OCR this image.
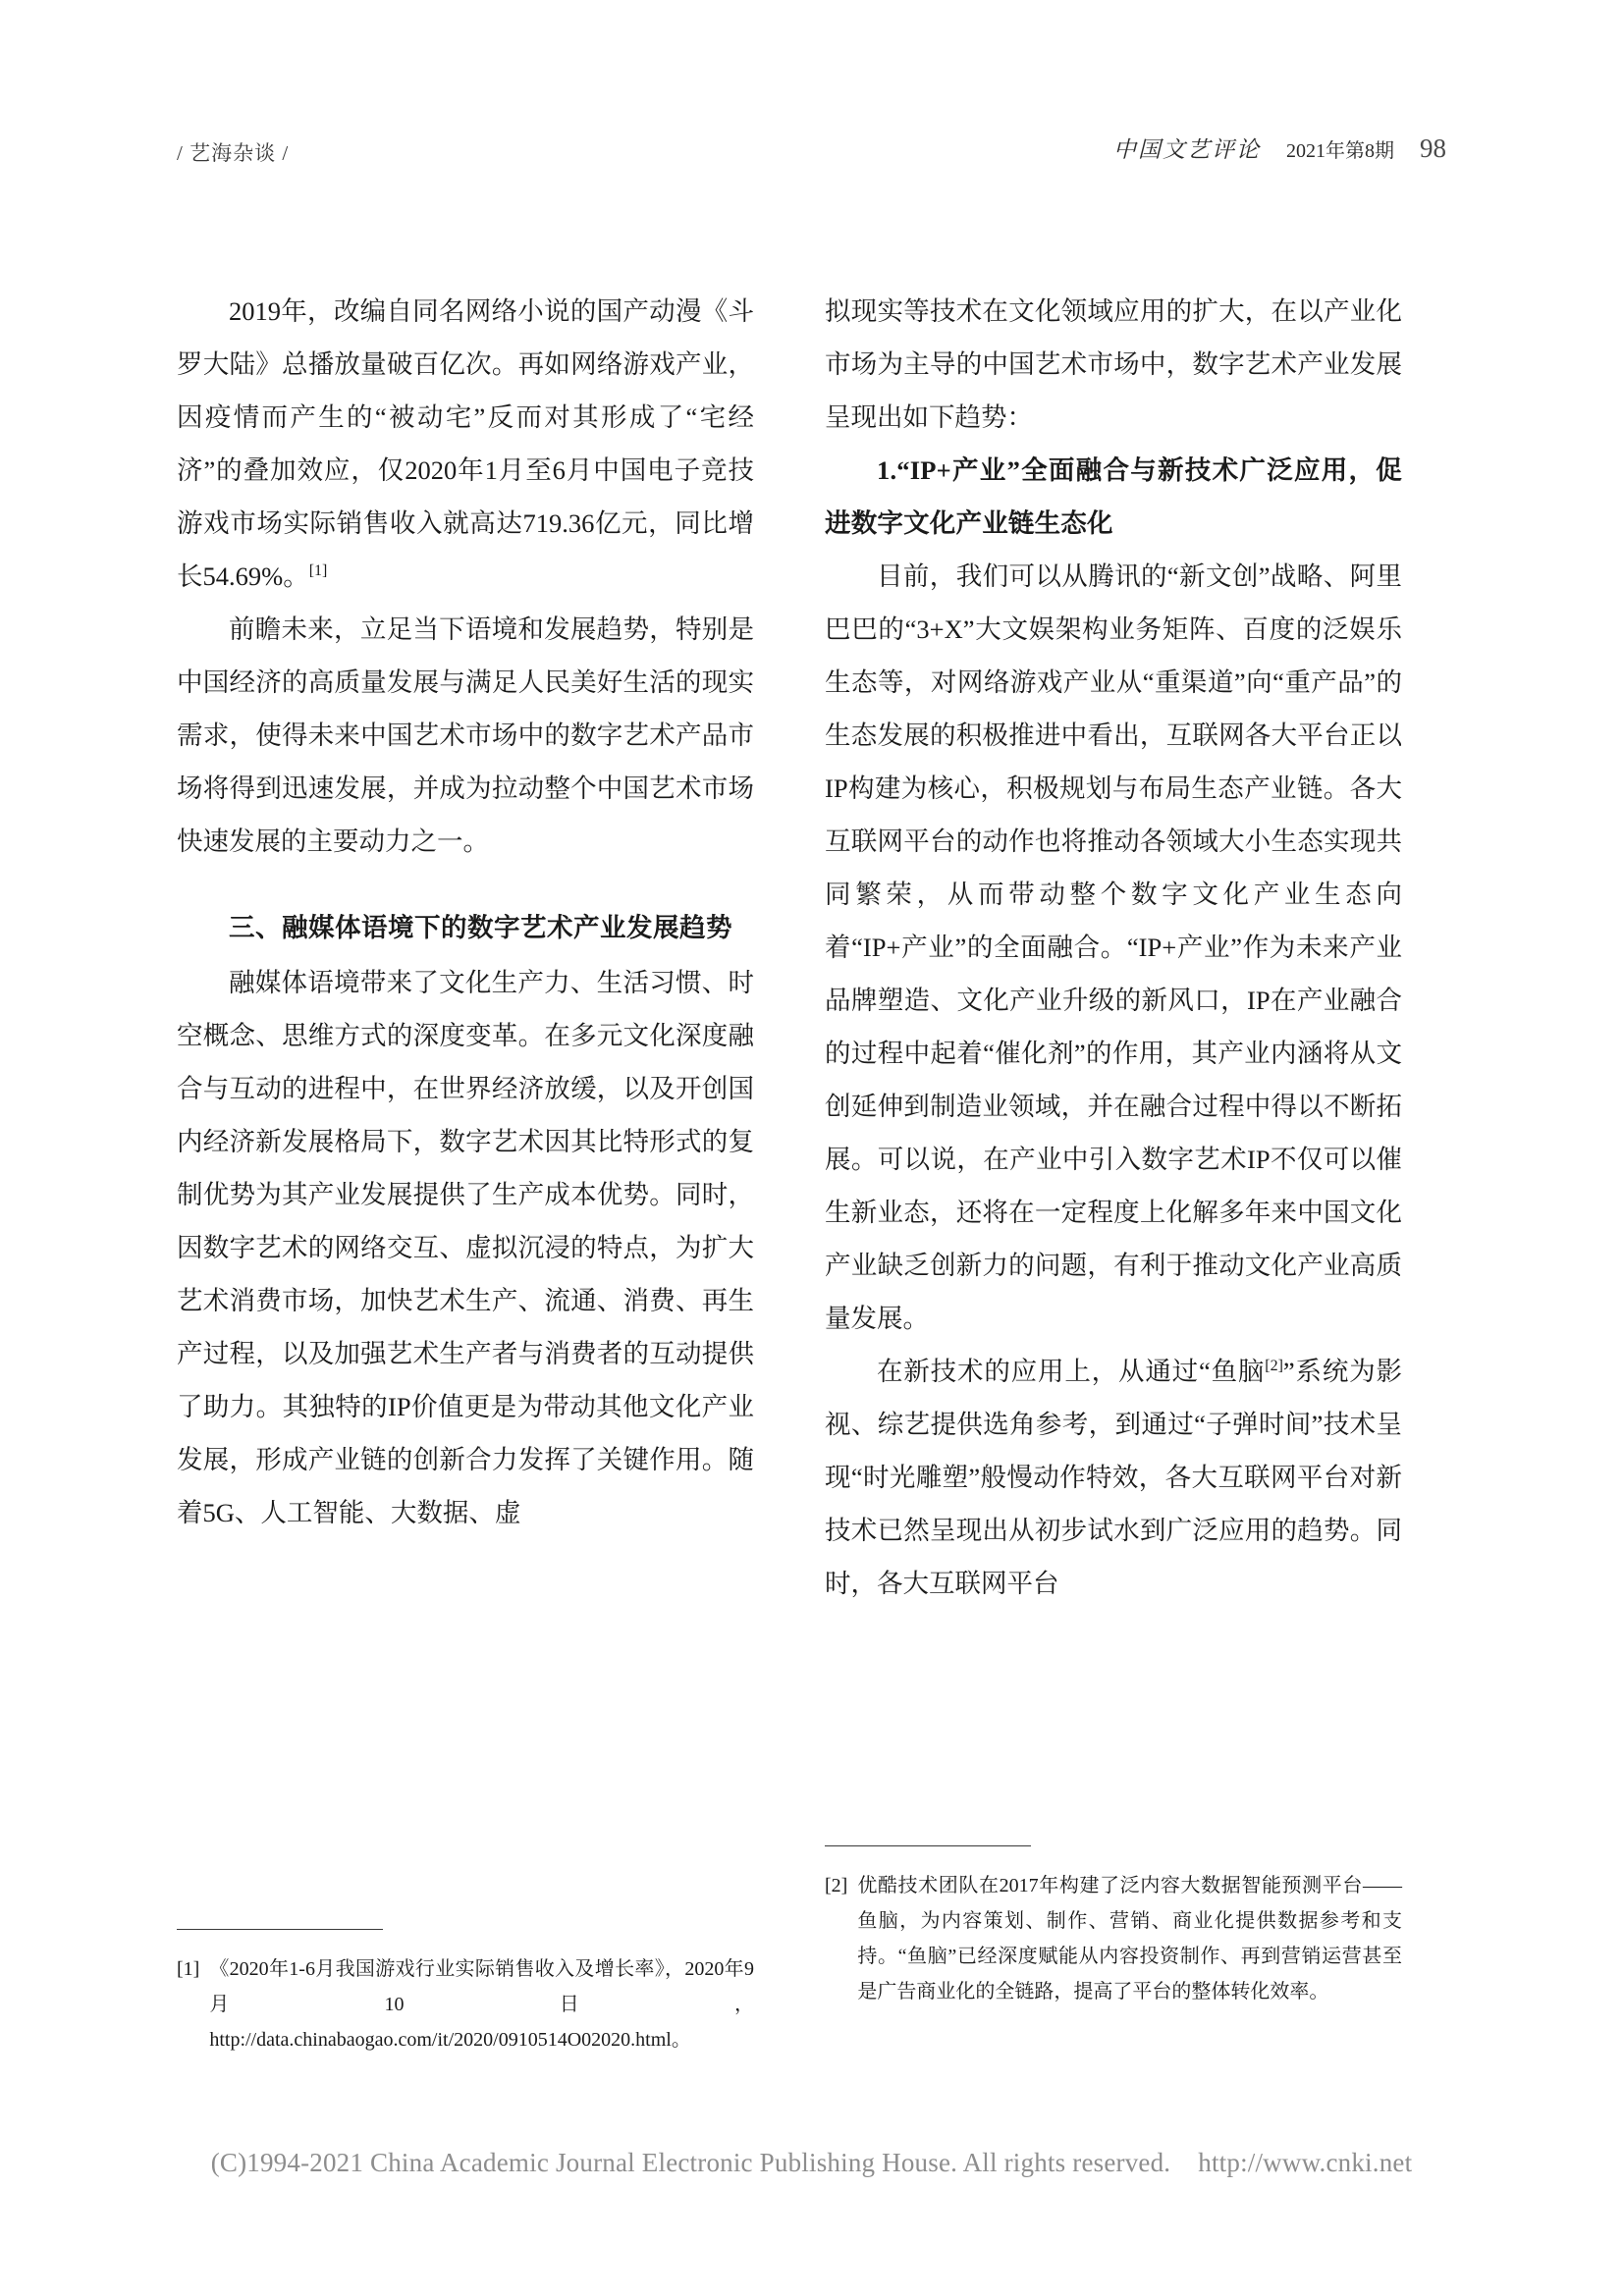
/ 艺海杂谈 /	中国文艺评论 2021年第8期 98

2019年，改编自同名网络小说的国产动漫《斗罗大陆》总播放量破百亿次。再如网络游戏产业，因疫情而产生的“被动宅”反而对其形成了“宅经济”的叠加效应，仅2020年1月至6月中国电子竞技游戏市场实际销售收入就高达719.36亿元，同比增长54.69%。[1]

前瞻未来，立足当下语境和发展趋势，特别是中国经济的高质量发展与满足人民美好生活的现实需求，使得未来中国艺术市场中的数字艺术产品市场将得到迅速发展，并成为拉动整个中国艺术市场快速发展的主要动力之一。

三、融媒体语境下的数字艺术产业发展趋势

融媒体语境带来了文化生产力、生活习惯、时空概念、思维方式的深度变革。在多元文化深度融合与互动的进程中，在世界经济放缓，以及开创国内经济新发展格局下，数字艺术因其比特形式的复制优势为其产业发展提供了生产成本优势。同时，因数字艺术的网络交互、虚拟沉浸的特点，为扩大艺术消费市场，加快艺术生产、流通、消费、再生产过程，以及加强艺术生产者与消费者的互动提供了助力。其独特的IP价值更是为带动其他文化产业发展，形成产业链的创新合力发挥了关键作用。随着5G、人工智能、大数据、虚

拟现实等技术在文化领域应用的扩大，在以产业化市场为主导的中国艺术市场中，数字艺术产业发展呈现出如下趋势：

1.“IP+产业”全面融合与新技术广泛应用，促进数字文化产业链生态化

目前，我们可以从腾讯的“新文创”战略、阿里巴巴的“3+X”大文娱架构业务矩阵、百度的泛娱乐生态等，对网络游戏产业从“重渠道”向“重产品”的生态发展的积极推进中看出，互联网各大平台正以IP构建为核心，积极规划与布局生态产业链。各大互联网平台的动作也将推动各领域大小生态实现共同繁荣，从而带动整个数字文化产业生态向着“IP+产业”的全面融合。“IP+产业”作为未来产业品牌塑造、文化产业升级的新风口，IP在产业融合的过程中起着“催化剂”的作用，其产业内涵将从文创延伸到制造业领域，并在融合过程中得以不断拓展。可以说，在产业中引入数字艺术IP不仅可以催生新业态，还将在一定程度上化解多年来中国文化产业缺乏创新力的问题，有利于推动文化产业高质量发展。

在新技术的应用上，从通过“鱼脑[2]”系统为影视、综艺提供选角参考，到通过“子弹时间”技术呈现“时光雕塑”般慢动作特效，各大互联网平台对新技术已然呈现出从初步试水到广泛应用的趋势。同时，各大互联网平台

[1] 《2020年1-6月我国游戏行业实际销售收入及增长率》，2020年9月10日，http://data.chinabaogao.com/it/2020/0910514O02020.html。
[2] 优酷技术团队在2017年构建了泛内容大数据智能预测平台——鱼脑，为内容策划、制作、营销、商业化提供数据参考和支持。“鱼脑”已经深度赋能从内容投资制作、再到营销运营甚至是广告商业化的全链路，提高了平台的整体转化效率。
(C)1994-2021 China Academic Journal Electronic Publishing House. All rights reserved. http://www.cnki.net
